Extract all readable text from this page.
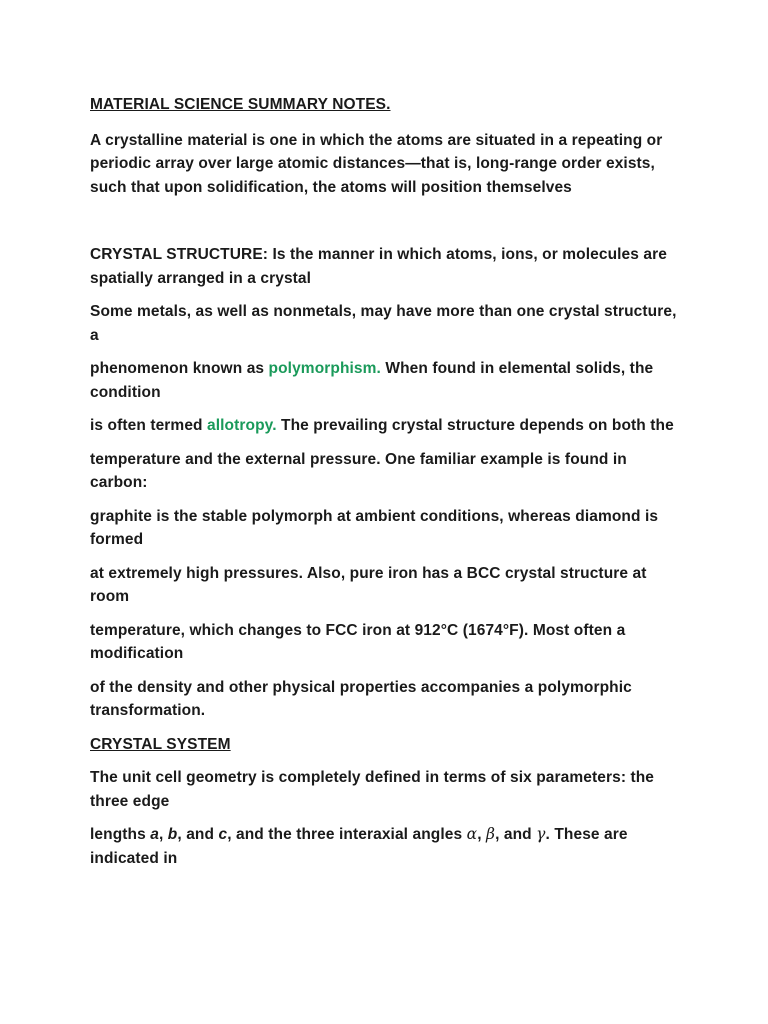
MATERIAL SCIENCE SUMMARY NOTES.

A crystalline material is one in which the atoms are situated in a repeating or periodic array over large atomic distances—that is, long-range order exists, such that upon solidification, the atoms will position themselves

CRYSTAL STRUCTURE: Is the manner in which atoms, ions, or molecules are spatially arranged in a crystal

Some metals, as well as nonmetals, may have more than one crystal structure, a

phenomenon known as polymorphism. When found in elemental solids, the condition

is often termed allotropy. The prevailing crystal structure depends on both the

temperature and the external pressure. One familiar example is found in carbon:

graphite is the stable polymorph at ambient conditions, whereas diamond is formed

at extremely high pressures. Also, pure iron has a BCC crystal structure at room

temperature, which changes to FCC iron at 912°C (1674°F). Most often a modification

of the density and other physical properties accompanies a polymorphic transformation.

CRYSTAL SYSTEM

The unit cell geometry is completely defined in terms of six parameters: the three edge

lengths a, b, and c, and the three interaxial angles α, β, and γ. These are indicated in
